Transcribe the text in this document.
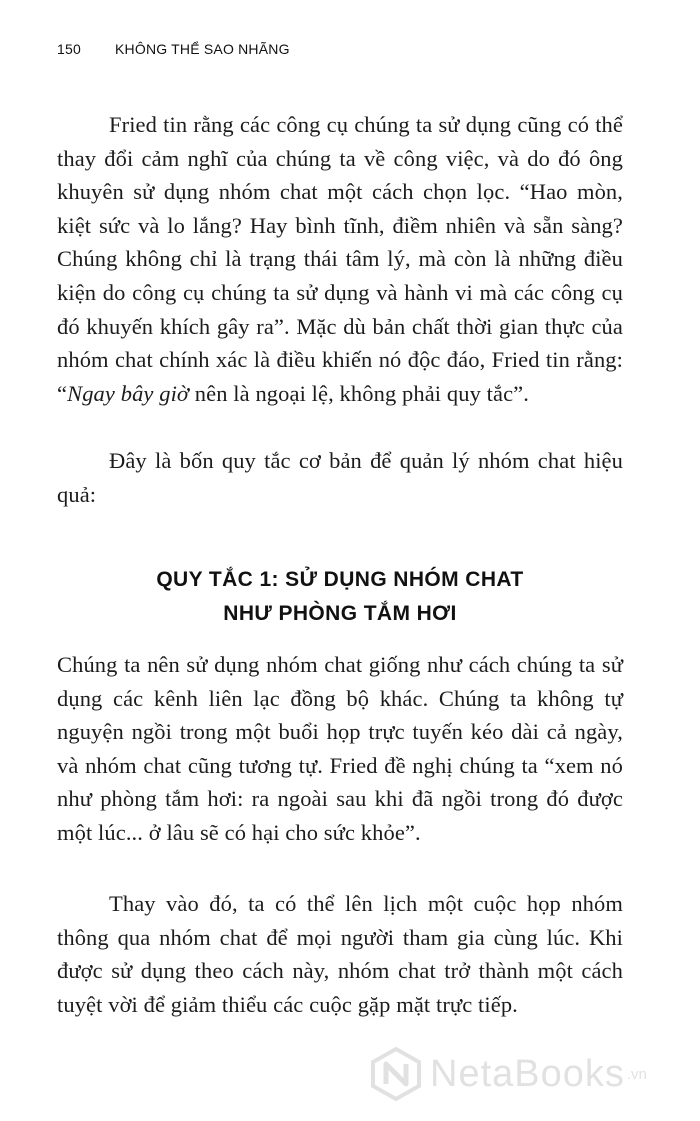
150 KHÔNG THỂ SAO NHÃNG

Fried tin rằng các công cụ chúng ta sử dụng cũng có thể thay đổi cảm nghĩ của chúng ta về công việc, và do đó ông khuyên sử dụng nhóm chat một cách chọn lọc. “Hao mòn, kiệt sức và lo lắng? Hay bình tĩnh, điềm nhiên và sẵn sàng? Chúng không chỉ là trạng thái tâm lý, mà còn là những điều kiện do công cụ chúng ta sử dụng và hành vi mà các công cụ đó khuyến khích gây ra”. Mặc dù bản chất thời gian thực của nhóm chat chính xác là điều khiến nó độc đáo, Fried tin rằng: “Ngay bây giờ nên là ngoại lệ, không phải quy tắc”.

Đây là bốn quy tắc cơ bản để quản lý nhóm chat hiệu quả:

QUY TẮC 1: SỬ DỤNG NHÓM CHAT
NHƯ PHÒNG TẮM HƠI

Chúng ta nên sử dụng nhóm chat giống như cách chúng ta sử dụng các kênh liên lạc đồng bộ khác. Chúng ta không tự nguyện ngồi trong một buổi họp trực tuyến kéo dài cả ngày, và nhóm chat cũng tương tự. Fried đề nghị chúng ta “xem nó như phòng tắm hơi: ra ngoài sau khi đã ngồi trong đó được một lúc... ở lâu sẽ có hại cho sức khỏe”.

Thay vào đó, ta có thể lên lịch một cuộc họp nhóm thông qua nhóm chat để mọi người tham gia cùng lúc. Khi được sử dụng theo cách này, nhóm chat trở thành một cách tuyệt vời để giảm thiểu các cuộc gặp mặt trực tiếp.

NetaBooks .vn
